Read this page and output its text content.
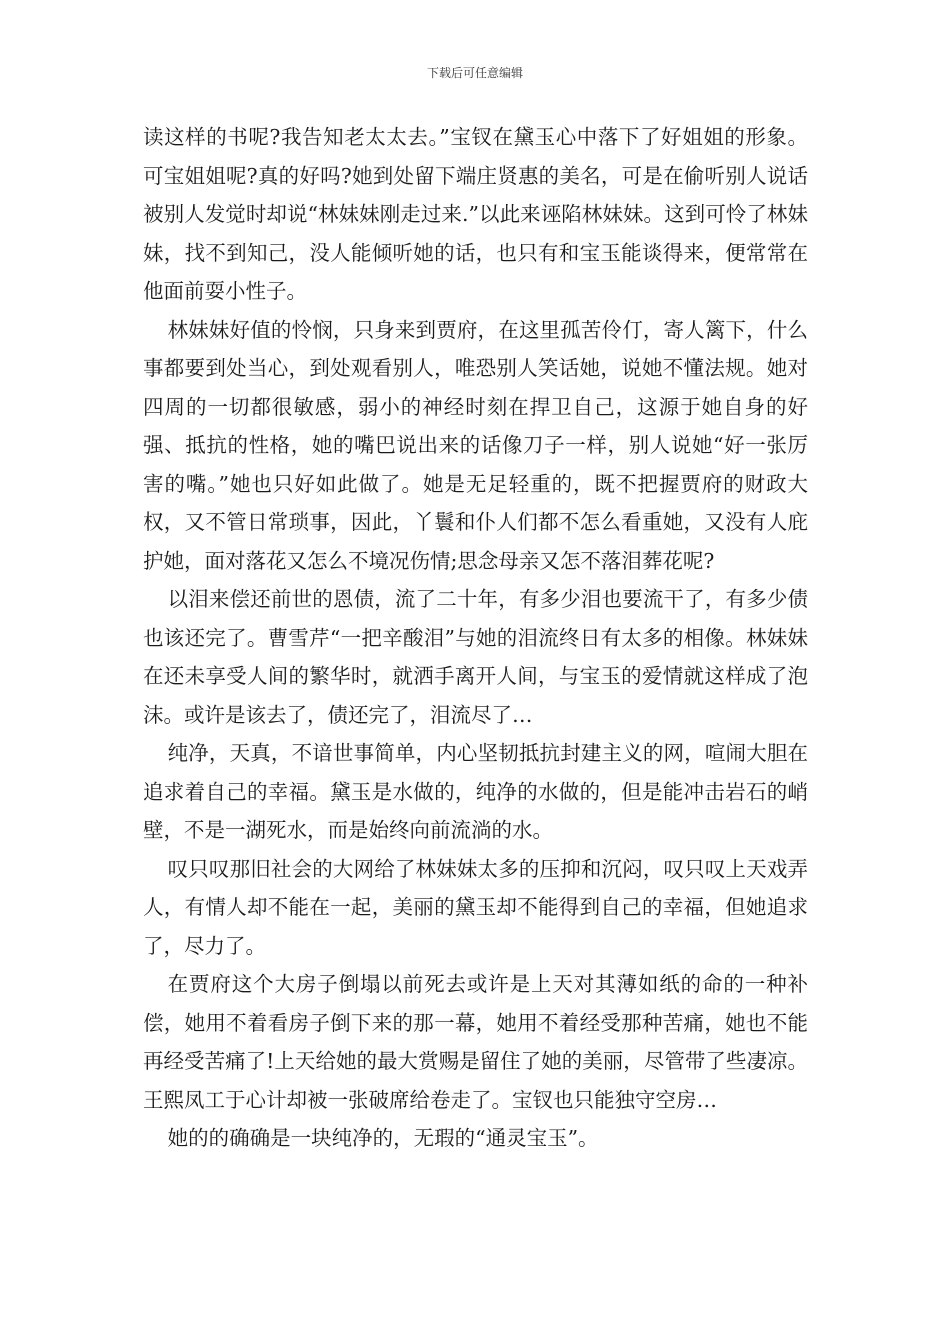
下载后可任意编辑

读这样的书呢?我告知老太太去。”宝钗在黛玉心中落下了好姐姐的形象。可宝姐姐呢?真的好吗?她到处留下端庄贤惠的美名，可是在偷听别人说话被别人发觉时却说“林妹妹刚走过来.”以此来诬陷林妹妹。这到可怜了林妹妹，找不到知己，没人能倾听她的话，也只有和宝玉能谈得来，便常常在他面前耍小性子。

林妹妹好值的怜悯，只身来到贾府，在这里孤苦伶仃，寄人篱下，什么事都要到处当心，到处观看别人，唯恐别人笑话她，说她不懂法规。她对四周的一切都很敏感，弱小的神经时刻在捍卫自己，这源于她自身的好强、抵抗的性格，她的嘴巴说出来的话像刀子一样，别人说她“好一张厉害的嘴。”她也只好如此做了。她是无足轻重的，既不把握贾府的财政大权，又不管日常琐事，因此，丫鬟和仆人们都不怎么看重她，又没有人庇护她，面对落花又怎么不境况伤情;思念母亲又怎不落泪葬花呢?

以泪来偿还前世的恩债，流了二十年，有多少泪也要流干了，有多少债也该还完了。曹雪芹“一把辛酸泪”与她的泪流终日有太多的相像。林妹妹在还未享受人间的繁华时，就洒手离开人间，与宝玉的爱情就这样成了泡沫。或许是该去了，债还完了，泪流尽了…

纯净，天真，不谙世事简单，内心坚韧抵抗封建主义的网，喧闹大胆在追求着自己的幸福。黛玉是水做的，纯净的水做的，但是能冲击岩石的峭壁，不是一湖死水，而是始终向前流淌的水。

叹只叹那旧社会的大网给了林妹妹太多的压抑和沉闷，叹只叹上天戏弄人，有情人却不能在一起，美丽的黛玉却不能得到自己的幸福，但她追求了，尽力了。

在贾府这个大房子倒塌以前死去或许是上天对其薄如纸的命的一种补偿，她用不着看房子倒下来的那一幕，她用不着经受那种苦痛，她也不能再经受苦痛了!上天给她的最大赏赐是留住了她的美丽，尽管带了些凄凉。王熙凤工于心计却被一张破席给卷走了。宝钗也只能独守空房…

她的的确确是一块纯净的，无瑕的“通灵宝玉”。
